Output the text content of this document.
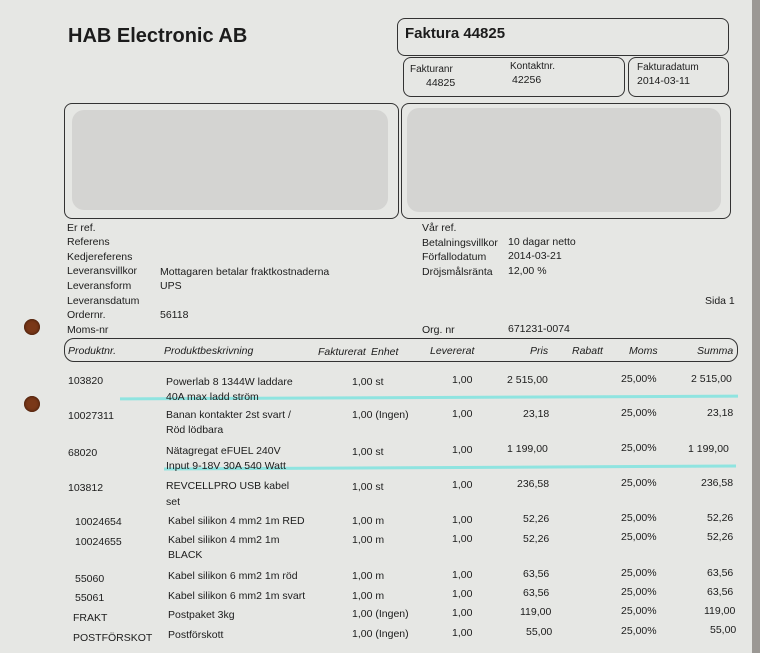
HAB Electronic AB	Faktura 44825
Fakturanr
44825
Kontaktnr.
42256
Fakturadatum
2014-03-11
Er ref.
Referens
Kedjereferens
Leveransvillkor Mottagaren betalar fraktkostnaderna
Leveransform	UPS
Leveransdatum
Ordernr.	56118
Moms-nr
Vår ref.
Betalningsvillkor 10 dagar netto
Förfallodatum 2014-03-21
Dröjsmålsränta 12,00 %
Org. nr	671231-0074
Sida 1
Produktnr.	Produktbeskrivning	Fakturerat Enhet	Levererat	Pris Rabatt Moms	Summa
103820	Powerlab 8 1344W laddare
40A max ladd ström
1,00 st	1,00	2 515,00	25,00%	2 515,00
10027311	Banan kontakter 2st svart /
Röd lödbara
1,00 (Ingen)	1,00	23,18	25,00%	23,18
68020	Nätagregat eFUEL 240V
Input 9-18V 30A 540 Watt
1,00 st	1,00	1 199,00	25,00%	1 199,00
103812	REVCELLPRO USB kabel
set
1,00 st	1,00	236,58	25,00%	236,58
10024654	Kabel silikon 4 mm2 1m RED	1,00 m	1,00	52,26	25,00%	52,26
10024655	Kabel silikon 4 mm2 1m
BLACK
1,00 m	1,00	52,26	25,00%	52,26
55060	Kabel silikon 6 mm2 1m röd	1,00 m	1,00	63,56	25,00%	63,56
55061	Kabel silikon 6 mm2 1m svart	1,00 m	1,00	63,56	25,00%	63,56
FRAKT	Postpaket 3kg	1,00 (Ingen)	1,00	119,00	25,00%	119,00
POSTFÖRSKOT Postförskott	1,00 (Ingen)	1,00	55,00	25,00%	55,00
